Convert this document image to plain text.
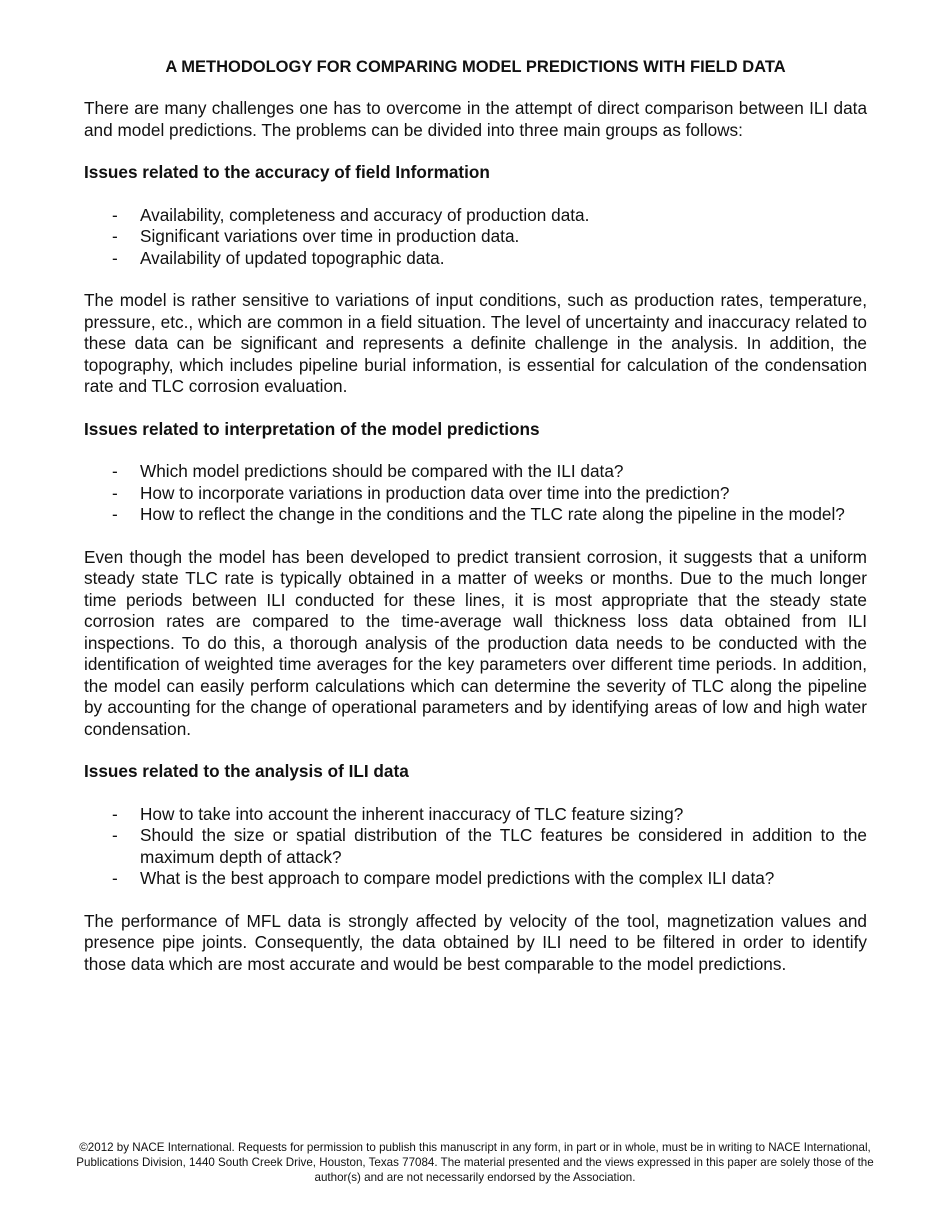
A METHODOLOGY FOR COMPARING MODEL PREDICTIONS WITH FIELD DATA

There are many challenges one has to overcome in the attempt of direct comparison between ILI data and model predictions. The problems can be divided into three main groups as follows:

Issues related to the accuracy of field Information
- Availability, completeness and accuracy of production data.
- Significant variations over time in production data.
- Availability of updated topographic data.

The model is rather sensitive to variations of input conditions, such as production rates, temperature, pressure, etc., which are common in a field situation. The level of uncertainty and inaccuracy related to these data can be significant and represents a definite challenge in the analysis. In addition, the topography, which includes pipeline burial information, is essential for calculation of the condensation rate and TLC corrosion evaluation.

Issues related to interpretation of the model predictions
- Which model predictions should be compared with the ILI data?
- How to incorporate variations in production data over time into the prediction?
- How to reflect the change in the conditions and the TLC rate along the pipeline in the model?

Even though the model has been developed to predict transient corrosion, it suggests that a uniform steady state TLC rate is typically obtained in a matter of weeks or months. Due to the much longer time periods between ILI conducted for these lines, it is most appropriate that the steady state corrosion rates are compared to the time-average wall thickness loss data obtained from ILI inspections. To do this, a thorough analysis of the production data needs to be conducted with the identification of weighted time averages for the key parameters over different time periods. In addition, the model can easily perform calculations which can determine the severity of TLC along the pipeline by accounting for the change of operational parameters and by identifying areas of low and high water condensation.

Issues related to the analysis of ILI data
- How to take into account the inherent inaccuracy of TLC feature sizing?
- Should the size or spatial distribution of the TLC features be considered in addition to the maximum depth of attack?
- What is the best approach to compare model predictions with the complex ILI data?

The performance of MFL data is strongly affected by velocity of the tool, magnetization values and presence pipe joints. Consequently, the data obtained by ILI need to be filtered in order to identify those data which are most accurate and would be best comparable to the model predictions.

©2012 by NACE International. Requests for permission to publish this manuscript in any form, in part or in whole, must be in writing to NACE International, Publications Division, 1440 South Creek Drive, Houston, Texas 77084. The material presented and the views expressed in this paper are solely those of the author(s) and are not necessarily endorsed by the Association.
